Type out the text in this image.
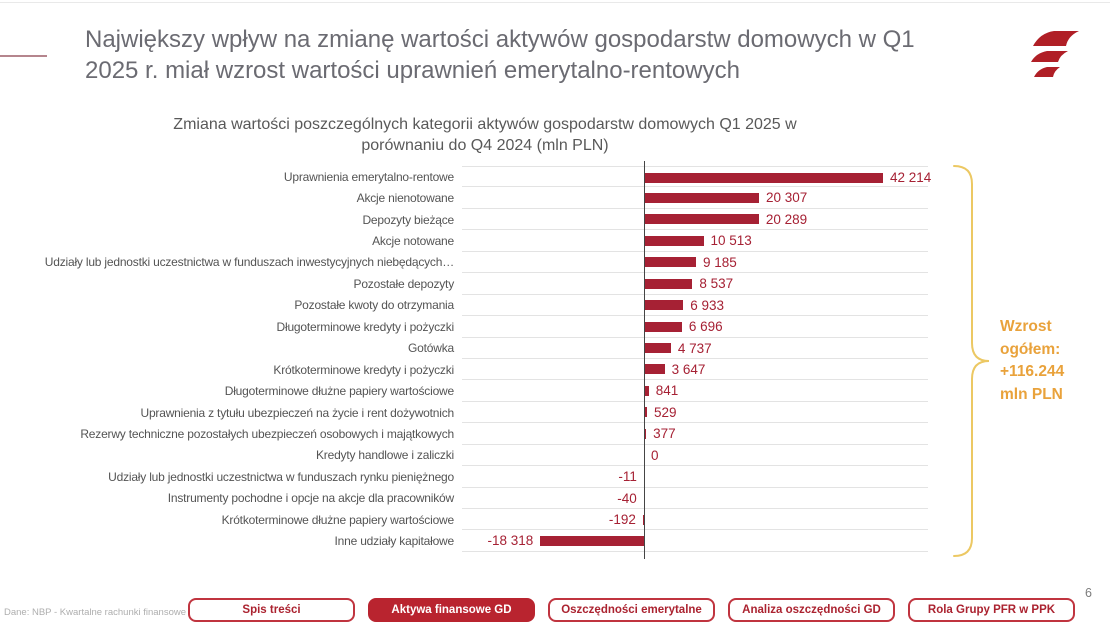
Największy wpływ na zmianę wartości aktywów gospodarstw domowych w Q1 2025 r. miał wzrost wartości uprawnień emerytalno-rentowych
Zmiana wartości poszczególnych kategorii aktywów gospodarstw domowych Q1 2025 w porównaniu do Q4 2024 (mln PLN)
Uprawnienia emerytalno-rentowe	42 214
Akcje nienotowane	20 307
Depozyty bieżące	20 289
Akcje notowane	10 513
Udziały lub jednostki uczestnictwa w funduszach inwestycyjnych niebędących…	9 185
Pozostałe depozyty	8 537
Pozostałe kwoty do otrzymania	6 933
Długoterminowe kredyty i pożyczki	6 696
Gotówka	4 737
Krótkoterminowe kredyty i pożyczki	3 647
Długoterminowe dłużne papiery wartościowe	841
Uprawnienia z tytułu ubezpieczeń na życie i rent dożywotnich	529
Rezerwy techniczne pozostałych ubezpieczeń osobowych i majątkowych	377
Kredyty handlowe i zaliczki	0
Udziały lub jednostki uczestnictwa w funduszach rynku pieniężnego	-11
Instrumenty pochodne i opcje na akcje dla pracowników	-40
Krótkoterminowe dłużne papiery wartościowe	-192
Inne udziały kapitałowe -18 318
Wzrost
ogółem:
+116.244
mln PLN
6
Dane: NBP - Kwartalne rachunki finansowe	Spis treści	Aktywa finansowe GD	Oszczędności emerytalne	Analiza oszczędności GD	Rola Grupy PFR w PPK
